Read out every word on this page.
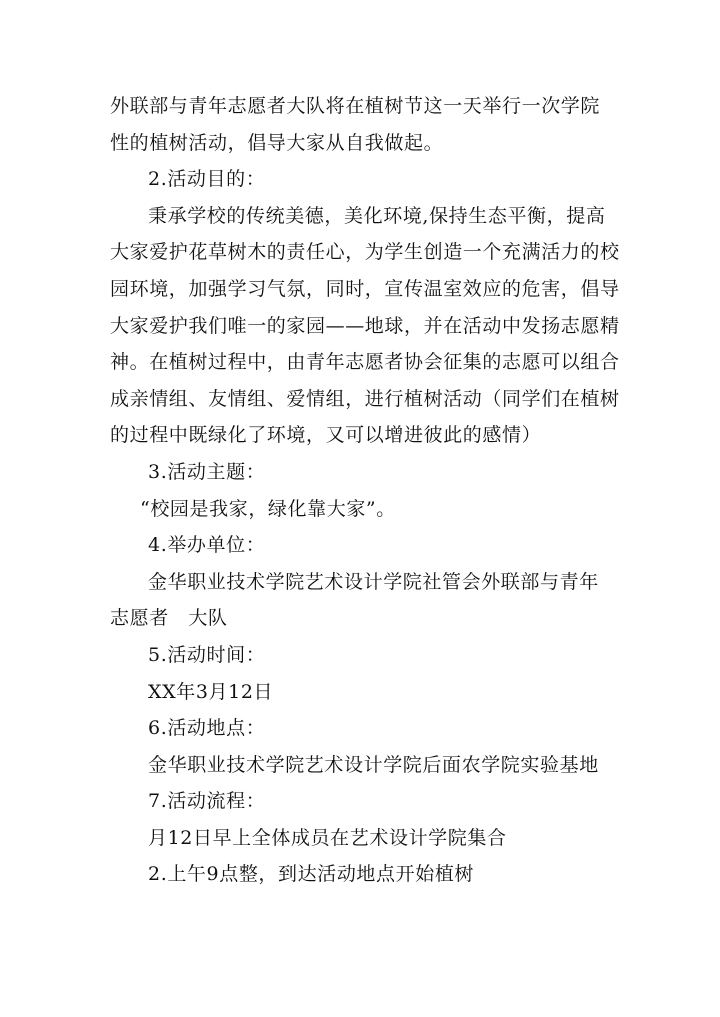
外联部与青年志愿者大队将在植树节这一天举行一次学院
性的植树活动，倡导大家从自我做起。
2.活动目的：
秉承学校的传统美德，美化环境,保持生态平衡，提高
大家爱护花草树木的责任心，为学生创造一个充满活力的校
园环境，加强学习气氛，同时，宣传温室效应的危害，倡导
大家爱护我们唯一的家园——地球，并在活动中发扬志愿精
神。在植树过程中，由青年志愿者协会征集的志愿可以组合
成亲情组、友情组、爱情组，进行植树活动（同学们在植树
的过程中既绿化了环境，又可以增进彼此的感情）
3.活动主题：
“校园是我家，绿化靠大家”。
4.举办单位：
金华职业技术学院艺术设计学院社管会外联部与青年
志愿者　大队
5.活动时间：
XX年3月12日
6.活动地点：
金华职业技术学院艺术设计学院后面农学院实验基地
7.活动流程：
月12日早上全体成员在艺术设计学院集合
2.上午9点整，到达活动地点开始植树
